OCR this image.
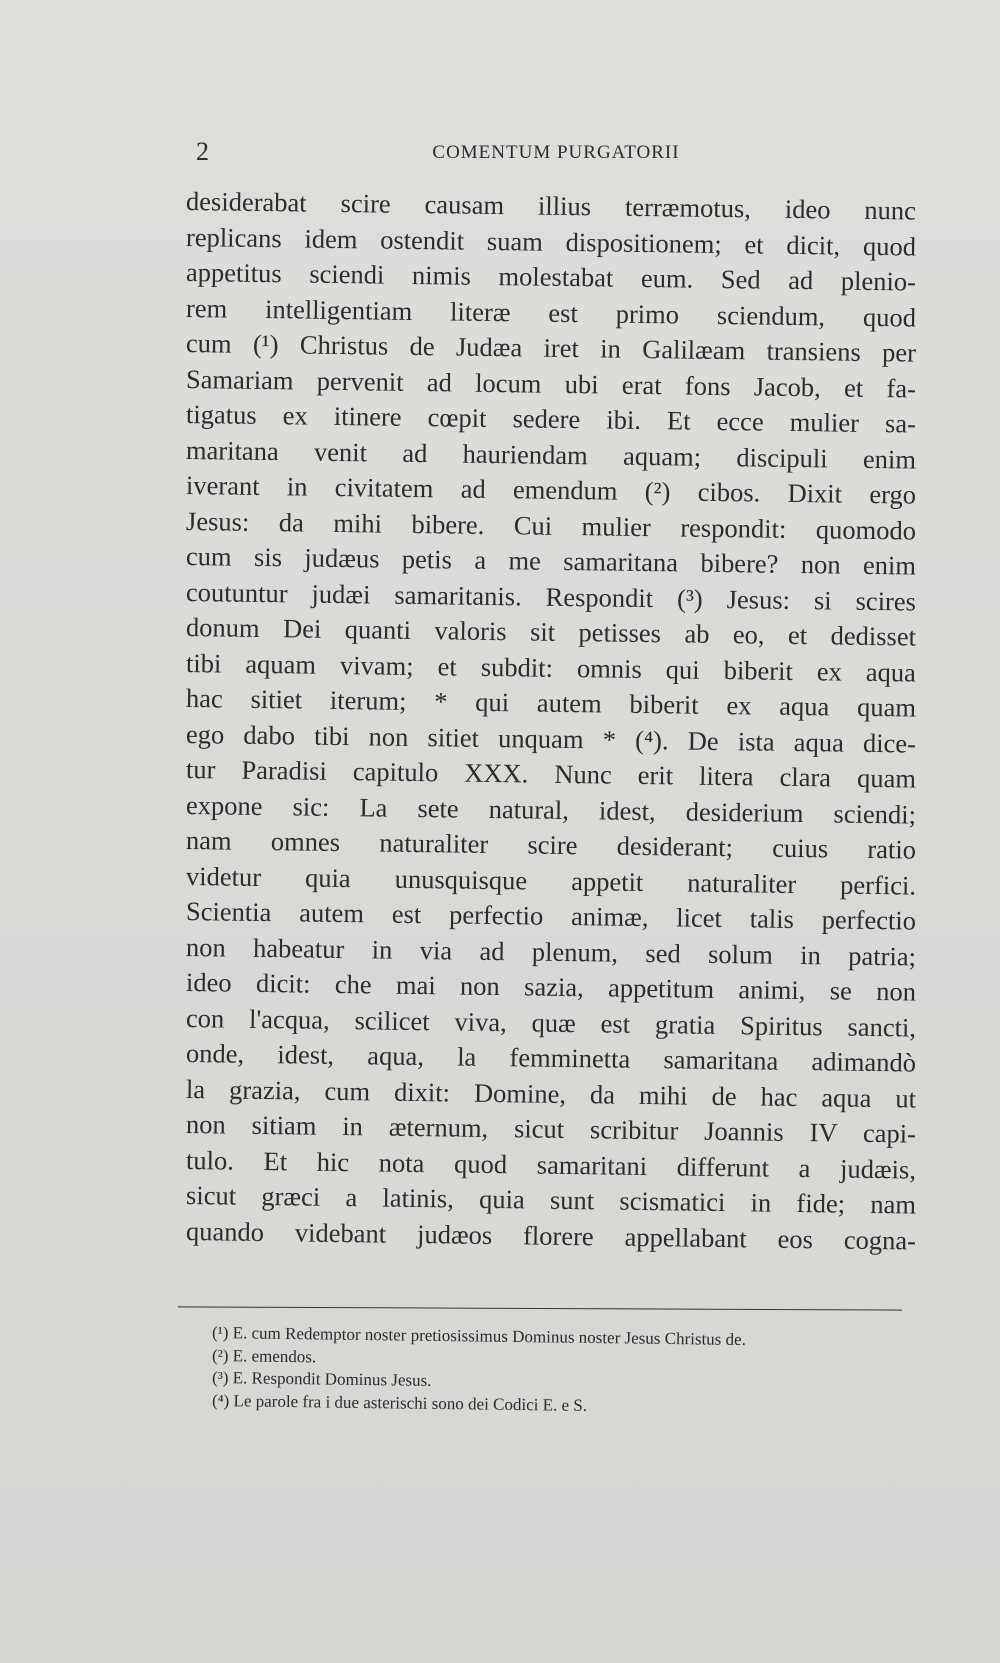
2	COMENTUM PURGATORII
desiderabat scire causam illius terræmotus, ideo nunc
replicans idem ostendit suam dispositionem; et dicit, quod
appetitus sciendi nimis molestabat eum. Sed ad plenio-
rem intelligentiam literæ est primo sciendum, quod
cum (¹) Christus de Judæa iret in Galilæam transiens per
Samariam pervenit ad locum ubi erat fons Jacob, et fa-
tigatus ex itinere cœpit sedere ibi. Et ecce mulier sa-
maritana venit ad hauriendam aquam; discipuli enim
iverant in civitatem ad emendum (²) cibos. Dixit ergo
Jesus: da mihi bibere. Cui mulier respondit: quomodo
cum sis judæus petis a me samaritana bibere? non enim
coutuntur judæi samaritanis. Respondit (³) Jesus: si scires
donum Dei quanti valoris sit petisses ab eo, et dedisset
tibi aquam vivam; et subdit: omnis qui biberit ex aqua
hac sitiet iterum; * qui autem biberit ex aqua quam
ego dabo tibi non sitiet unquam * (⁴). De ista aqua dice-
tur Paradisi capitulo XXX. Nunc erit litera clara quam
expone sic: La sete natural, idest, desiderium sciendi;
nam omnes naturaliter scire desiderant; cuius ratio
videtur quia unusquisque appetit naturaliter perfici.
Scientia autem est perfectio animæ, licet talis perfectio
non habeatur in via ad plenum, sed solum in patria;
ideo dicit: che mai non sazia, appetitum animi, se non
con l'acqua, scilicet viva, quæ est gratia Spiritus sancti,
onde, idest, aqua, la femminetta samaritana adimandò
la grazia, cum dixit: Domine, da mihi de hac aqua ut
non sitiam in æternum, sicut scribitur Joannis IV capi-
tulo. Et hic nota quod samaritani differunt a judæis,
sicut græci a latinis, quia sunt scismatici in fide; nam
quando videbant judæos florere appellabant eos cogna-
(¹) E. cum Redemptor noster pretiosissimus Dominus noster Jesus Christus de.
(²) E. emendos.
(³) E. Respondit Dominus Jesus.
(⁴) Le parole fra i due asterischi sono dei Codici E. e S.
